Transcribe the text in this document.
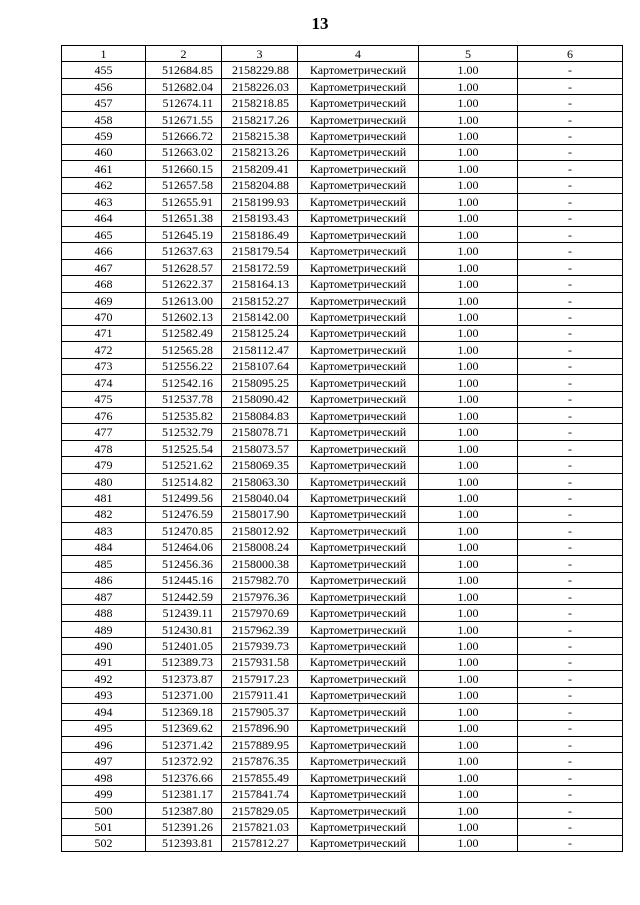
13
1	2	3	4	5	6
455	512684.85	2158229.88	Картометрический	1.00	-
456	512682.04	2158226.03	Картометрический	1.00	-
457	512674.11	2158218.85	Картометрический	1.00	-
458	512671.55	2158217.26	Картометрический	1.00	-
459	512666.72	2158215.38	Картометрический	1.00	-
460	512663.02	2158213.26	Картометрический	1.00	-
461	512660.15	2158209.41	Картометрический	1.00	-
462	512657.58	2158204.88	Картометрический	1.00	-
463	512655.91	2158199.93	Картометрический	1.00	-
464	512651.38	2158193.43	Картометрический	1.00	-
465	512645.19	2158186.49	Картометрический	1.00	-
466	512637.63	2158179.54	Картометрический	1.00	-
467	512628.57	2158172.59	Картометрический	1.00	-
468	512622.37	2158164.13	Картометрический	1.00	-
469	512613.00	2158152.27	Картометрический	1.00	-
470	512602.13	2158142.00	Картометрический	1.00	-
471	512582.49	2158125.24	Картометрический	1.00	-
472	512565.28	2158112.47	Картометрический	1.00	-
473	512556.22	2158107.64	Картометрический	1.00	-
474	512542.16	2158095.25	Картометрический	1.00	-
475	512537.78	2158090.42	Картометрический	1.00	-
476	512535.82	2158084.83	Картометрический	1.00	-
477	512532.79	2158078.71	Картометрический	1.00	-
478	512525.54	2158073.57	Картометрический	1.00	-
479	512521.62	2158069.35	Картометрический	1.00	-
480	512514.82	2158063.30	Картометрический	1.00	-
481	512499.56	2158040.04	Картометрический	1.00	-
482	512476.59	2158017.90	Картометрический	1.00	-
483	512470.85	2158012.92	Картометрический	1.00	-
484	512464.06	2158008.24	Картометрический	1.00	-
485	512456.36	2158000.38	Картометрический	1.00	-
486	512445.16	2157982.70	Картометрический	1.00	-
487	512442.59	2157976.36	Картометрический	1.00	-
488	512439.11	2157970.69	Картометрический	1.00	-
489	512430.81	2157962.39	Картометрический	1.00	-
490	512401.05	2157939.73	Картометрический	1.00	-
491	512389.73	2157931.58	Картометрический	1.00	-
492	512373.87	2157917.23	Картометрический	1.00	-
493	512371.00	2157911.41	Картометрический	1.00	-
494	512369.18	2157905.37	Картометрический	1.00	-
495	512369.62	2157896.90	Картометрический	1.00	-
496	512371.42	2157889.95	Картометрический	1.00	-
497	512372.92	2157876.35	Картометрический	1.00	-
498	512376.66	2157855.49	Картометрический	1.00	-
499	512381.17	2157841.74	Картометрический	1.00	-
500	512387.80	2157829.05	Картометрический	1.00	-
501	512391.26	2157821.03	Картометрический	1.00	-
502	512393.81	2157812.27	Картометрический	1.00	-
